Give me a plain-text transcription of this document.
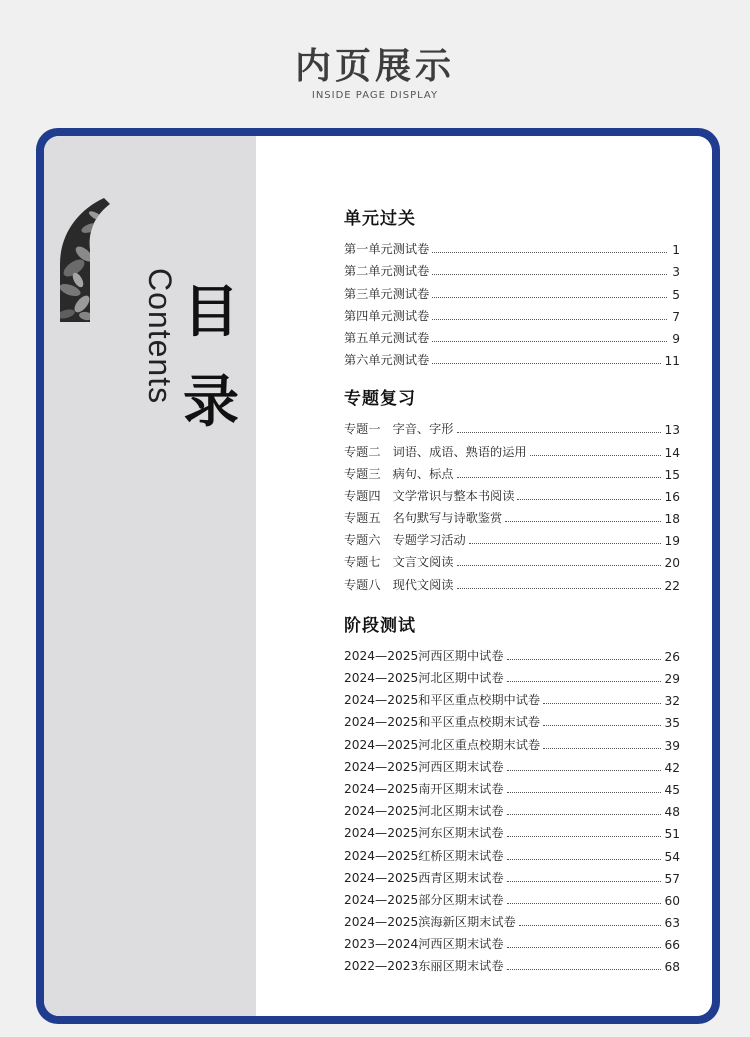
内页展示
INSIDE PAGE DISPLAY
Contents 目
录
单元过关
第一单元测试卷	1
第二单元测试卷	3
第三单元测试卷	5
第四单元测试卷	7
第五单元测试卷	9
第六单元测试卷	11
专题复习
专题一 字音、字形	13
专题二 词语、成语、熟语的运用	14
专题三 病句、标点	15
专题四 文学常识与整本书阅读	16
专题五 名句默写与诗歌鉴赏	18
专题六 专题学习活动	19
专题七 文言文阅读	20
专题八 现代文阅读	22
阶段测试
2024—2025河西区期中试卷	26
2024—2025河北区期中试卷	29
2024—2025和平区重点校期中试卷	32
2024—2025和平区重点校期末试卷	35
2024—2025河北区重点校期末试卷	39
2024—2025河西区期末试卷	42
2024—2025南开区期末试卷	45
2024—2025河北区期末试卷	48
2024—2025河东区期末试卷	51
2024—2025红桥区期末试卷	54
2024—2025西青区期末试卷	57
2024—2025部分区期末试卷	60
2024—2025滨海新区期末试卷	63
2023—2024河西区期末试卷	66
2022—2023东丽区期末试卷	68
